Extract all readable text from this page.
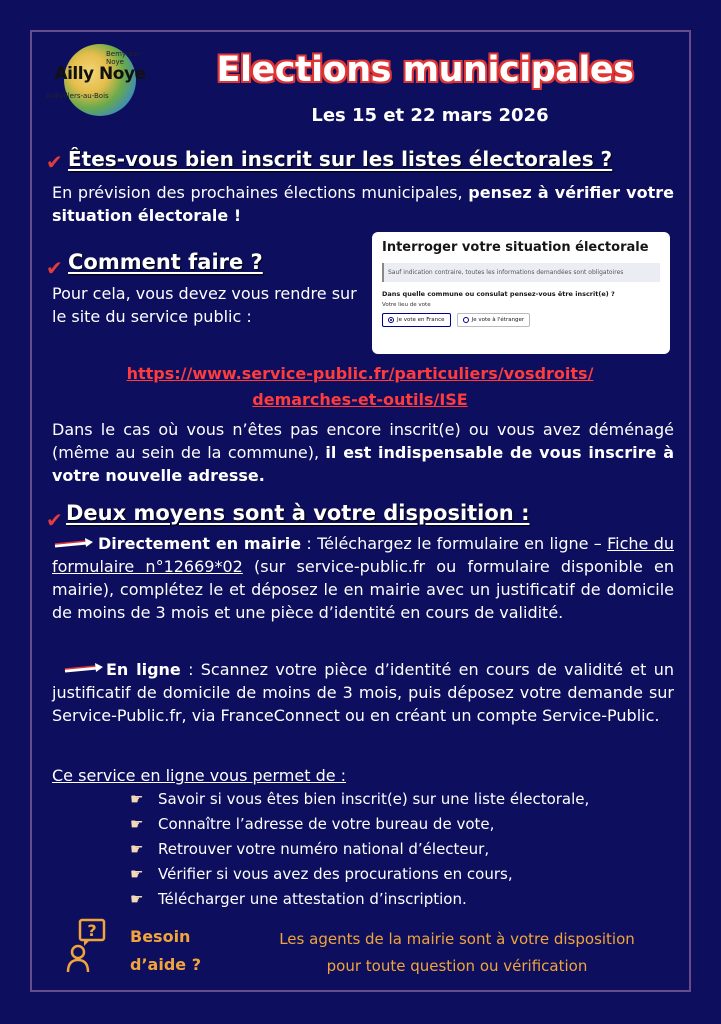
Bemy-sur-Noye
Ailly Noye
Aubvillers-au-Bois
Elections municipales
Les 15 et 22 mars 2026
✔ Êtes-vous bien inscrit sur les listes électorales ?
En prévision des prochaines élections municipales, pensez à vérifier votre situation électorale !
✔ Comment faire ?
Pour cela, vous devez vous rendre sur le site du service public :
Interroger votre situation électorale
Sauf indication contraire, toutes les informations demandées sont obligatoires
Dans quelle commune ou consulat pensez-vous être inscrit(e) ?
Votre lieu de vote
Je vote en France	Je vote à l'étranger
https://www.service-public.fr/particuliers/vosdroits/
demarches-et-outils/ISE
Dans le cas où vous n’êtes pas encore inscrit(e) ou vous avez déménagé (même au sein de la commune), il est indispensable de vous inscrire à votre nouvelle adresse.
✔ Deux moyens sont à votre disposition :
Directement en mairie : Téléchargez le formulaire en ligne – Fiche du formulaire n°12669*02 (sur service-public.fr ou formulaire disponible en mairie), complétez le et déposez le en mairie avec un justificatif de domicile de moins de 3 mois et une pièce d’identité en cours de validité.
En ligne : Scannez votre pièce d’identité en cours de validité et un justificatif de domicile de moins de 3 mois, puis déposez votre demande sur Service-Public.fr, via FranceConnect ou en créant un compte Service-Public.
Ce service en ligne vous permet de :
☛ Savoir si vous êtes bien inscrit(e) sur une liste électorale,
☛ Connaître l’adresse de votre bureau de vote,
☛ Retrouver votre numéro national d’électeur,
☛ Vérifier si vous avez des procurations en cours,
☛ Télécharger une attestation d’inscription.
? Besoin
d’aide ?
Les agents de la mairie sont à votre disposition
pour toute question ou vérification
